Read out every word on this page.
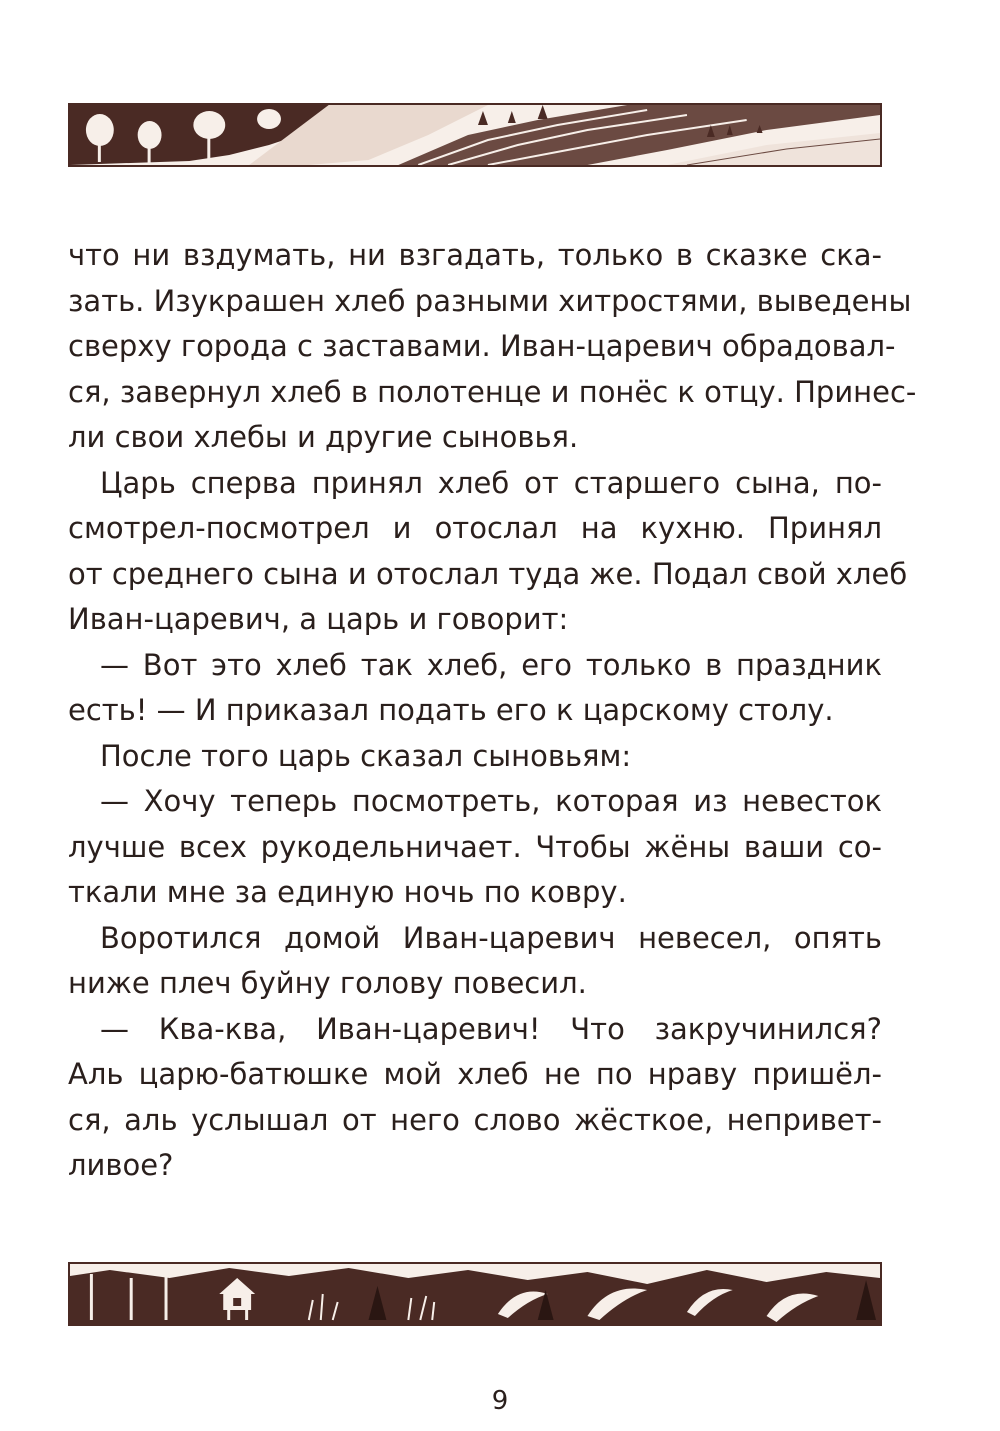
что ни вздумать, ни взгадать, только в сказке ска-
зать. Изукрашен хлеб разными хитростями, выведены
сверху города с заставами. Иван-царевич обрадовал-
ся, завернул хлеб в полотенце и понёс к отцу. Принес-
ли свои хлебы и другие сыновья.
Царь сперва принял хлеб от старшего сына, по-
смотрел-посмотрел и отослал на кухню. Принял
от среднего сына и отослал туда же. Подал свой хлеб
Иван-царевич, а царь и говорит:
— Вот это хлеб так хлеб, его только в праздник
есть! — И приказал подать его к царскому столу.
После того царь сказал сыновьям:
— Хочу теперь посмотреть, которая из невесток
лучше всех рукодельничает. Чтобы жёны ваши со-
ткали мне за единую ночь по ковру.
Воротился домой Иван-царевич невесел, опять
ниже плеч буйну голову повесил.
— Ква-ква, Иван-царевич! Что закручинился?
Аль царю-батюшке мой хлеб не по нраву пришёл-
ся, аль услышал от него слово жёсткое, непривет-
ливое?
9
